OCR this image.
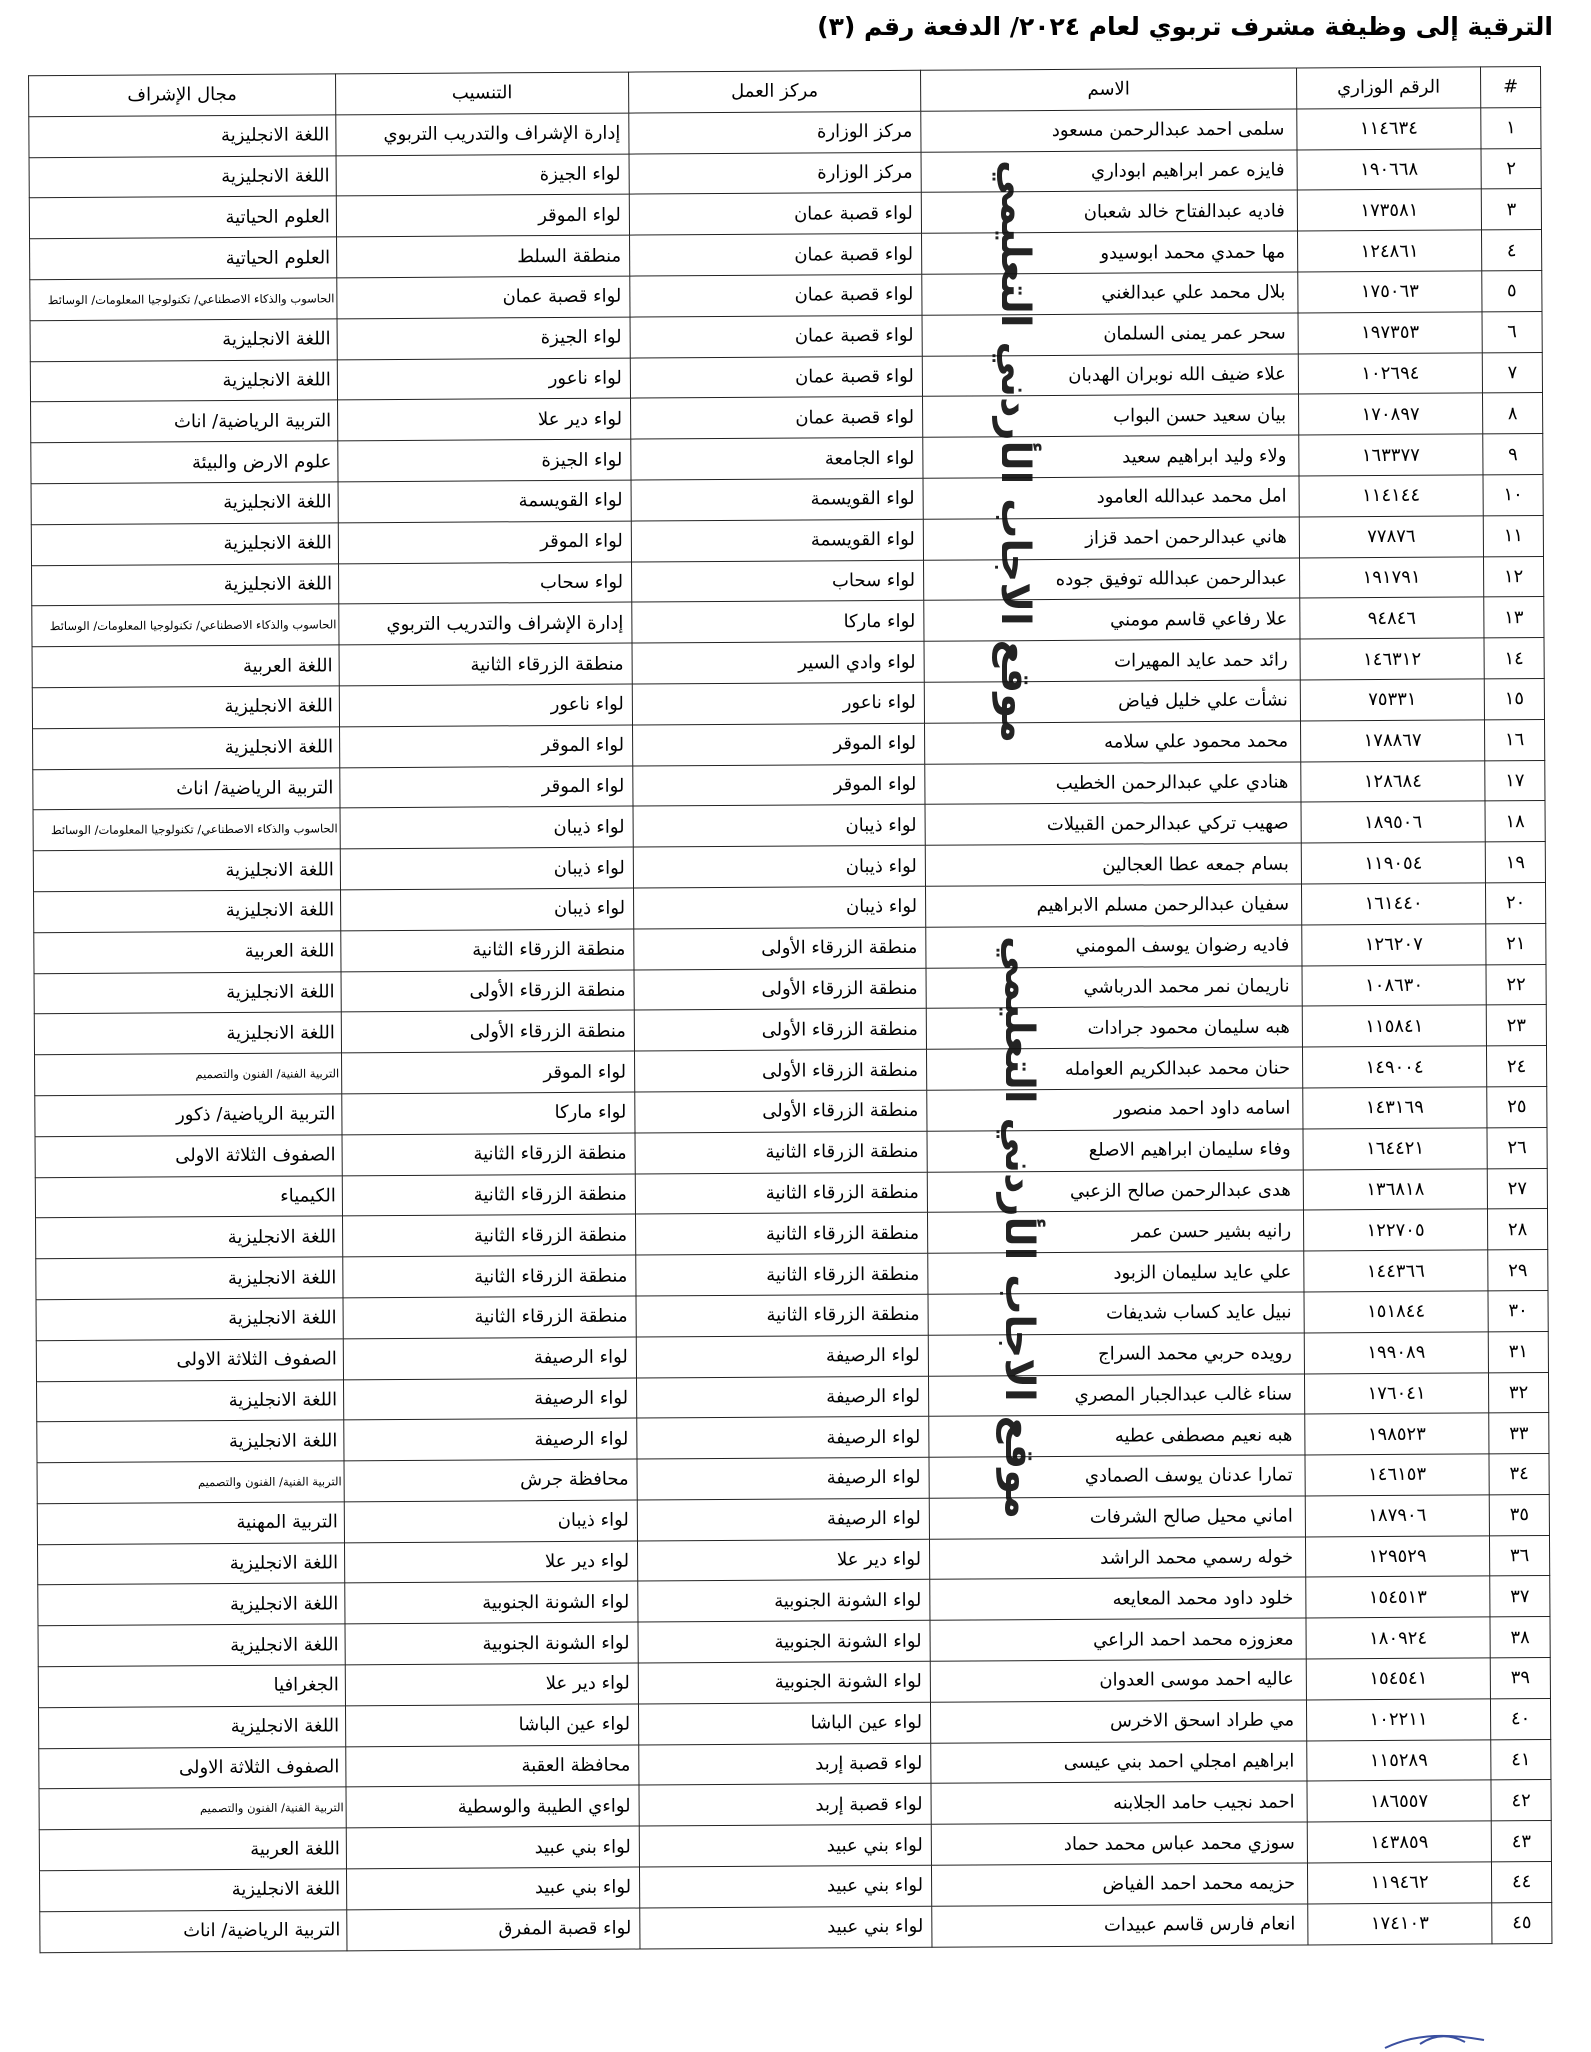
الترقية إلى وظيفة مشرف تربوي لعام ٢٠٢٤/ الدفعة رقم (٣)
#	الرقم الوزاري	الاسم	مركز العمل	التنسيب	مجال الإشراف
١	١١٤٦٣٤	سلمى احمد عبدالرحمن مسعود	مركز الوزارة	إدارة الإشراف والتدريب التربوي	اللغة الانجليزية
٢	١٩٠٦٦٨	فايزه عمر ابراهيم ابوداري	مركز الوزارة	لواء الجيزة	اللغة الانجليزية
٣	١٧٣٥٨١	فاديه عبدالفتاح خالد شعبان	لواء قصبة عمان	لواء الموقر	العلوم الحياتية
٤	١٢٤٨٦١	مها حمدي محمد ابوسيدو	لواء قصبة عمان	منطقة السلط	العلوم الحياتية
٥	١٧٥٠٦٣	بلال محمد علي عبدالغني	لواء قصبة عمان	لواء قصبة عمان	الحاسوب والذكاء الاصطناعي/ تكنولوجيا المعلومات/ الوسائط
٦	١٩٧٣٥٣	سحر عمر يمنى السلمان	لواء قصبة عمان	لواء الجيزة	اللغة الانجليزية
٧	١٠٢٦٩٤	علاء ضيف الله نوبران الهدبان	لواء قصبة عمان	لواء ناعور	اللغة الانجليزية
٨	١٧٠٨٩٧	بيان سعيد حسن البواب	لواء قصبة عمان	لواء دير علا	التربية الرياضية/ اناث
٩	١٦٣٣٧٧	ولاء وليد ابراهيم سعيد	لواء الجامعة	لواء الجيزة	علوم الارض والبيئة
١٠	١١٤١٤٤	امل محمد عبدالله العامود	لواء القويسمة	لواء القويسمة	اللغة الانجليزية
١١	٧٧٨٧٦	هاني عبدالرحمن احمد قزاز	لواء القويسمة	لواء الموقر	اللغة الانجليزية
١٢	١٩١٧٩١	عبدالرحمن عبدالله توفيق جوده	لواء سحاب	لواء سحاب	اللغة الانجليزية
١٣	٩٤٨٤٦	علا رفاعي قاسم مومني	لواء ماركا	إدارة الإشراف والتدريب التربوي	الحاسوب والذكاء الاصطناعي/ تكنولوجيا المعلومات/ الوسائط
١٤	١٤٦٣١٢	رائد حمد عايد المهيرات	لواء وادي السير	منطقة الزرقاء الثانية	اللغة العربية
١٥	٧٥٣٣١	نشأت علي خليل فياض	لواء ناعور	لواء ناعور	اللغة الانجليزية
١٦	١٧٨٨٦٧	محمد محمود علي سلامه	لواء الموقر	لواء الموقر	اللغة الانجليزية
١٧	١٢٨٦٨٤	هنادي علي عبدالرحمن الخطيب	لواء الموقر	لواء الموقر	التربية الرياضية/ اناث
١٨	١٨٩٥٠٦	صهيب تركي عبدالرحمن القبيلات	لواء ذيبان	لواء ذيبان	الحاسوب والذكاء الاصطناعي/ تكنولوجيا المعلومات/ الوسائط
١٩	١١٩٠٥٤	بسام جمعه عطا العجالين	لواء ذيبان	لواء ذيبان	اللغة الانجليزية
٢٠	١٦١٤٤٠	سفيان عبدالرحمن مسلم الابراهيم	لواء ذيبان	لواء ذيبان	اللغة الانجليزية
٢١	١٢٦٢٠٧	فاديه رضوان يوسف المومني	منطقة الزرقاء الأولى	منطقة الزرقاء الثانية	اللغة العربية
٢٢	١٠٨٦٣٠	ناريمان نمر محمد الدرباشي	منطقة الزرقاء الأولى	منطقة الزرقاء الأولى	اللغة الانجليزية
٢٣	١١٥٨٤١	هبه سليمان محمود جرادات	منطقة الزرقاء الأولى	منطقة الزرقاء الأولى	اللغة الانجليزية
٢٤	١٤٩٠٠٤	حنان محمد عبدالكريم العوامله	منطقة الزرقاء الأولى	لواء الموقر	التربية الفنية/ الفنون والتصميم
٢٥	١٤٣١٦٩	اسامه داود احمد منصور	منطقة الزرقاء الأولى	لواء ماركا	التربية الرياضية/ ذكور
٢٦	١٦٤٤٢١	وفاء سليمان ابراهيم الاصلع	منطقة الزرقاء الثانية	منطقة الزرقاء الثانية	الصفوف الثلاثة الاولى
٢٧	١٣٦٨١٨	هدى عبدالرحمن صالح الزعبي	منطقة الزرقاء الثانية	منطقة الزرقاء الثانية	الكيمياء
٢٨	١٢٢٧٠٥	رانيه بشير حسن عمر	منطقة الزرقاء الثانية	منطقة الزرقاء الثانية	اللغة الانجليزية
٢٩	١٤٤٣٦٦	علي عايد سليمان الزبود	منطقة الزرقاء الثانية	منطقة الزرقاء الثانية	اللغة الانجليزية
٣٠	١٥١٨٤٤	نبيل عايد كساب شديفات	منطقة الزرقاء الثانية	منطقة الزرقاء الثانية	اللغة الانجليزية
٣١	١٩٩٠٨٩	رويده حربي محمد السراج	لواء الرصيفة	لواء الرصيفة	الصفوف الثلاثة الاولى
٣٢	١٧٦٠٤١	سناء غالب عبدالجبار المصري	لواء الرصيفة	لواء الرصيفة	اللغة الانجليزية
٣٣	١٩٨٥٢٣	هبه نعيم مصطفى عطيه	لواء الرصيفة	لواء الرصيفة	اللغة الانجليزية
٣٤	١٤٦١٥٣	تمارا عدنان يوسف الصمادي	لواء الرصيفة	محافظة جرش	التربية الفنية/ الفنون والتصميم
٣٥	١٨٧٩٠٦	اماني محيل صالح الشرفات	لواء الرصيفة	لواء ذيبان	التربية المهنية
٣٦	١٢٩٥٢٩	خوله رسمي محمد الراشد	لواء دير علا	لواء دير علا	اللغة الانجليزية
٣٧	١٥٤٥١٣	خلود داود محمد المعايعه	لواء الشونة الجنوبية	لواء الشونة الجنوبية	اللغة الانجليزية
٣٨	١٨٠٩٢٤	معزوزه محمد احمد الراعي	لواء الشونة الجنوبية	لواء الشونة الجنوبية	اللغة الانجليزية
٣٩	١٥٤٥٤١	عاليه احمد موسى العدوان	لواء الشونة الجنوبية	لواء دير علا	الجغرافيا
٤٠	١٠٢٢١١	مي طراد اسحق الاخرس	لواء عين الباشا	لواء عين الباشا	اللغة الانجليزية
٤١	١١٥٢٨٩	ابراهيم امجلي احمد بني عيسى	لواء قصبة إربد	محافظة العقبة	الصفوف الثلاثة الاولى
٤٢	١٨٦٥٥٧	احمد نجيب حامد الجلابنه	لواء قصبة إربد	لواءي الطيبة والوسطية	التربية الفنية/ الفنون والتصميم
٤٣	١٤٣٨٥٩	سوزي محمد عباس محمد حماد	لواء بني عبيد	لواء بني عبيد	اللغة العربية
٤٤	١١٩٤٦٢	حزيمه محمد احمد الفياض	لواء بني عبيد	لواء بني عبيد	اللغة الانجليزية
٤٥	١٧٤١٠٣	انعام فارس قاسم عبيدات	لواء بني عبيد	لواء قصبة المفرق	التربية الرياضية/ اناث
موقع الاجاب الأردني التعليمي
موقع الاجاب الأردني التعليمي
